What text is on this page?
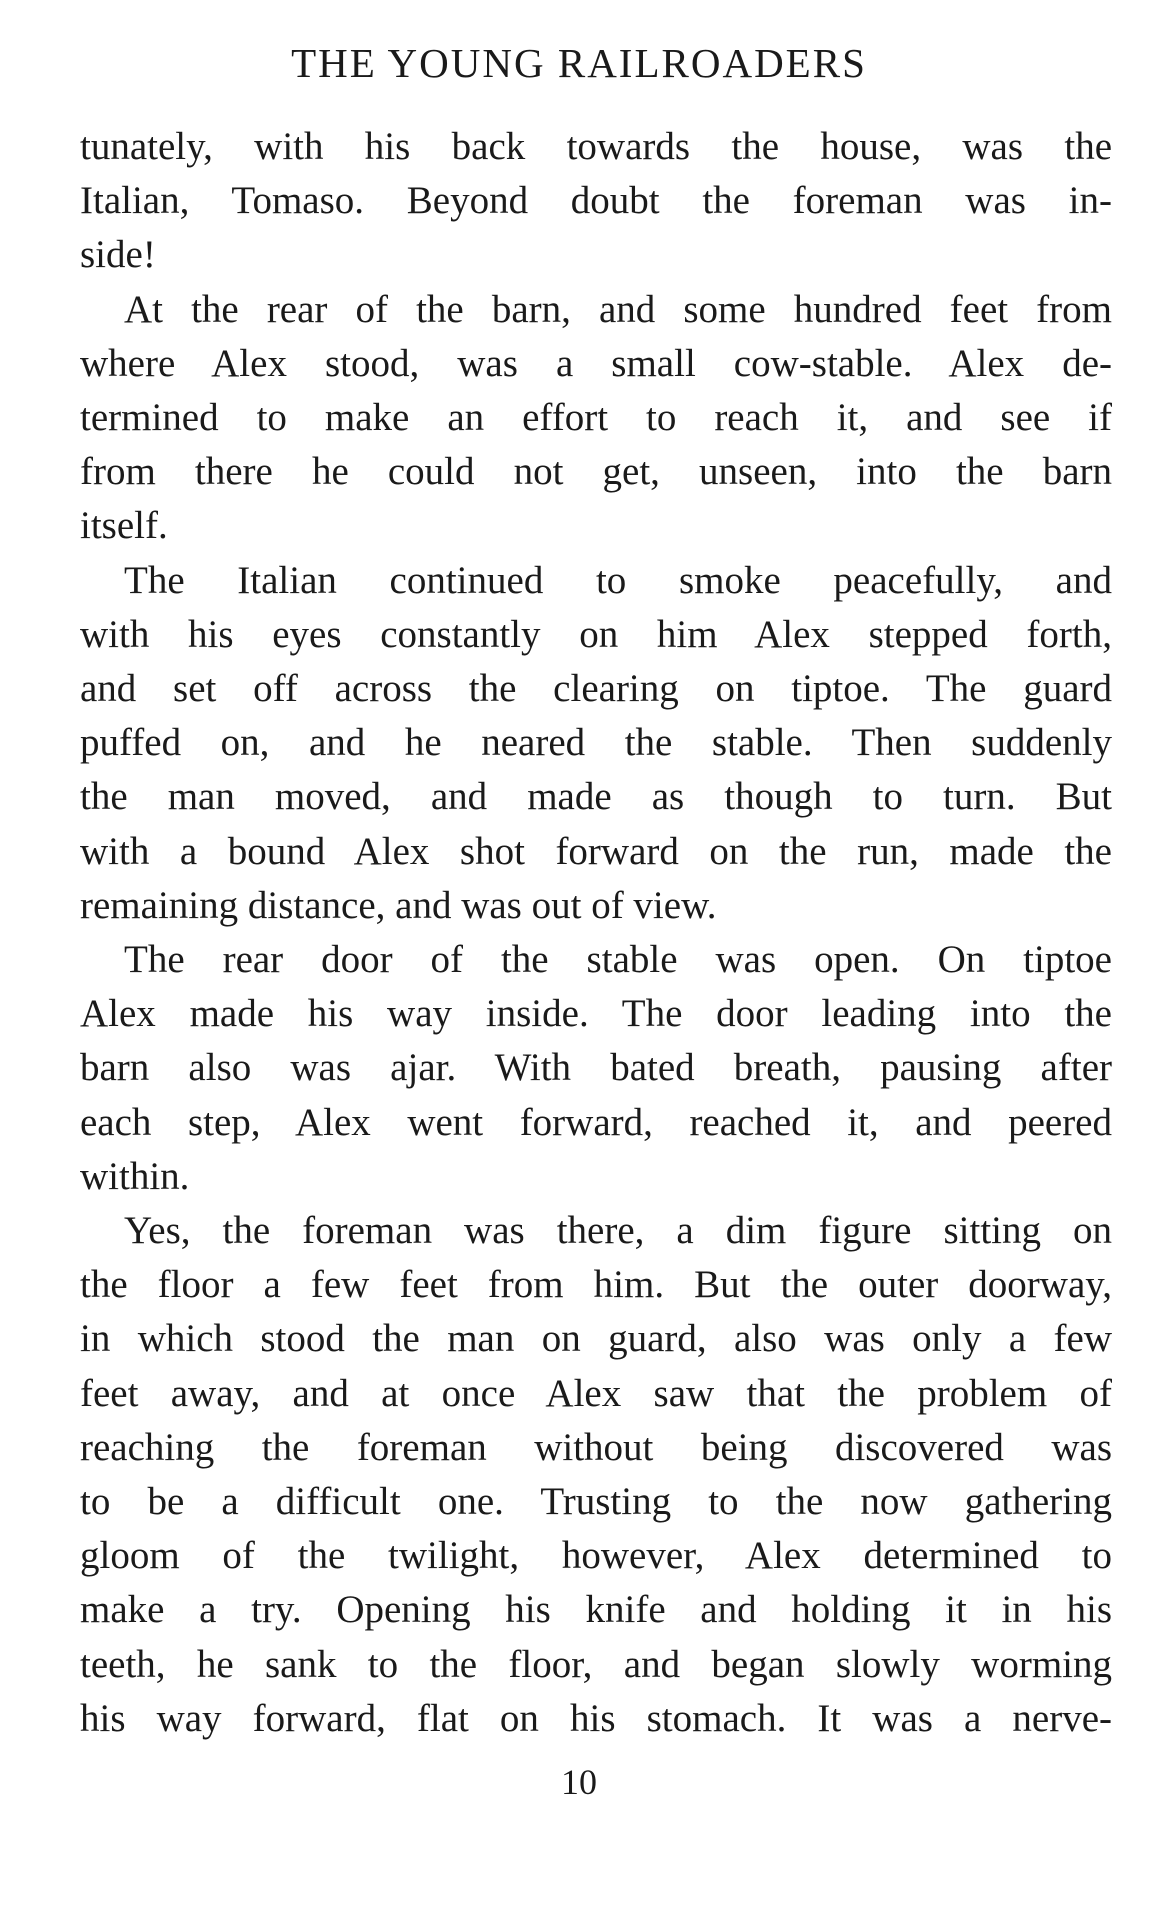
THE YOUNG RAILROADERS

tunately, with his back towards the house, was the
Italian, Tomaso. Beyond doubt the foreman was in-
side!

At the rear of the barn, and some hundred feet from
where Alex stood, was a small cow-stable. Alex de-
termined to make an effort to reach it, and see if
from there he could not get, unseen, into the barn
itself.

The Italian continued to smoke peacefully, and
with his eyes constantly on him Alex stepped forth,
and set off across the clearing on tiptoe. The guard
puffed on, and he neared the stable. Then suddenly
the man moved, and made as though to turn. But
with a bound Alex shot forward on the run, made the
remaining distance, and was out of view.

The rear door of the stable was open. On tiptoe
Alex made his way inside. The door leading into the
barn also was ajar. With bated breath, pausing after
each step, Alex went forward, reached it, and peered
within.

Yes, the foreman was there, a dim figure sitting on
the floor a few feet from him. But the outer doorway,
in which stood the man on guard, also was only a few
feet away, and at once Alex saw that the problem of
reaching the foreman without being discovered was
to be a difficult one. Trusting to the now gathering
gloom of the twilight, however, Alex determined to
make a try. Opening his knife and holding it in his
teeth, he sank to the floor, and began slowly worming
his way forward, flat on his stomach. It was a nerve-

10
